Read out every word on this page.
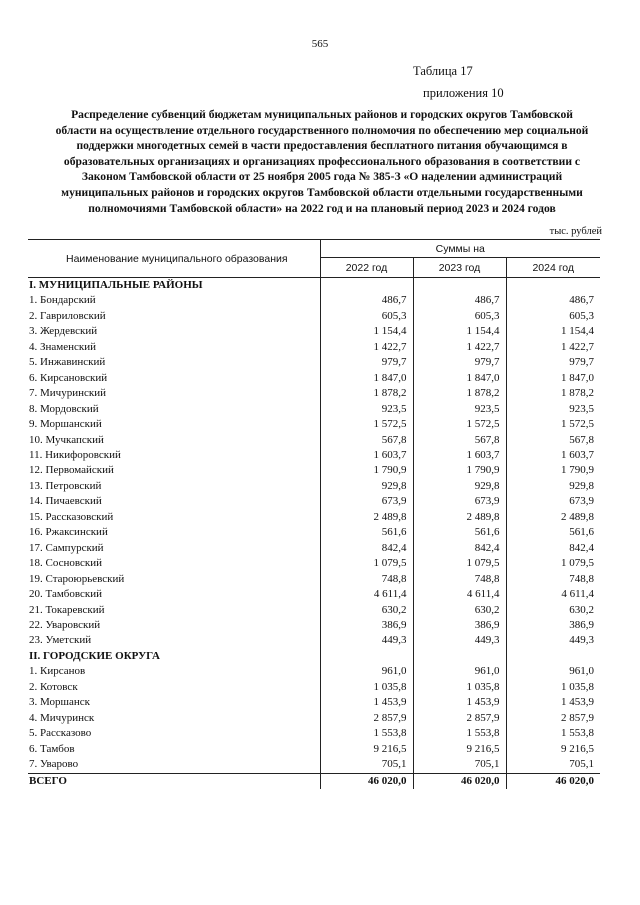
565
Таблица 17
приложения 10
Распределение субвенций бюджетам муниципальных районов и городских округов Тамбовской области на осуществление отдельного государственного полномочия по обеспечению мер социальной поддержки многодетных семей в части предоставления бесплатного питания обучающимся в образовательных организациях и организациях профессионального образования в соответствии с Законом Тамбовской области от 25 ноября 2005 года № 385-З «О наделении администраций муниципальных районов и городских округов Тамбовской области отдельными государственными полномочиями Тамбовской области» на 2022 год и на плановый период 2023 и 2024 годов
тыс. рублей
Наименование муниципального образования	Суммы на		
	2022 год	2023 год	2024 год
I. МУНИЦИПАЛЬНЫЕ РАЙОНЫ			
1. Бондарский	486,7	486,7	486,7
2. Гавриловский	605,3	605,3	605,3
3. Жердевский	1 154,4	1 154,4	1 154,4
4. Знаменский	1 422,7	1 422,7	1 422,7
5. Инжавинский	979,7	979,7	979,7
6. Кирсановский	1 847,0	1 847,0	1 847,0
7. Мичуринский	1 878,2	1 878,2	1 878,2
8. Мордовский	923,5	923,5	923,5
9. Моршанский	1 572,5	1 572,5	1 572,5
10. Мучкапский	567,8	567,8	567,8
11. Никифоровский	1 603,7	1 603,7	1 603,7
12. Первомайский	1 790,9	1 790,9	1 790,9
13. Петровский	929,8	929,8	929,8
14. Пичаевский	673,9	673,9	673,9
15. Рассказовский	2 489,8	2 489,8	2 489,8
16. Ржаксинский	561,6	561,6	561,6
17. Сампурский	842,4	842,4	842,4
18. Сосновский	1 079,5	1 079,5	1 079,5
19. Староюрьевский	748,8	748,8	748,8
20. Тамбовский	4 611,4	4 611,4	4 611,4
21. Токаревский	630,2	630,2	630,2
22. Уваровский	386,9	386,9	386,9
23. Уметский	449,3	449,3	449,3
II. ГОРОДСКИЕ ОКРУГА			
1. Кирсанов	961,0	961,0	961,0
2. Котовск	1 035,8	1 035,8	1 035,8
3. Моршанск	1 453,9	1 453,9	1 453,9
4. Мичуринск	2 857,9	2 857,9	2 857,9
5. Рассказово	1 553,8	1 553,8	1 553,8
6. Тамбов	9 216,5	9 216,5	9 216,5
7. Уварово	705,1	705,1	705,1
ВСЕГО	46 020,0	46 020,0	46 020,0
